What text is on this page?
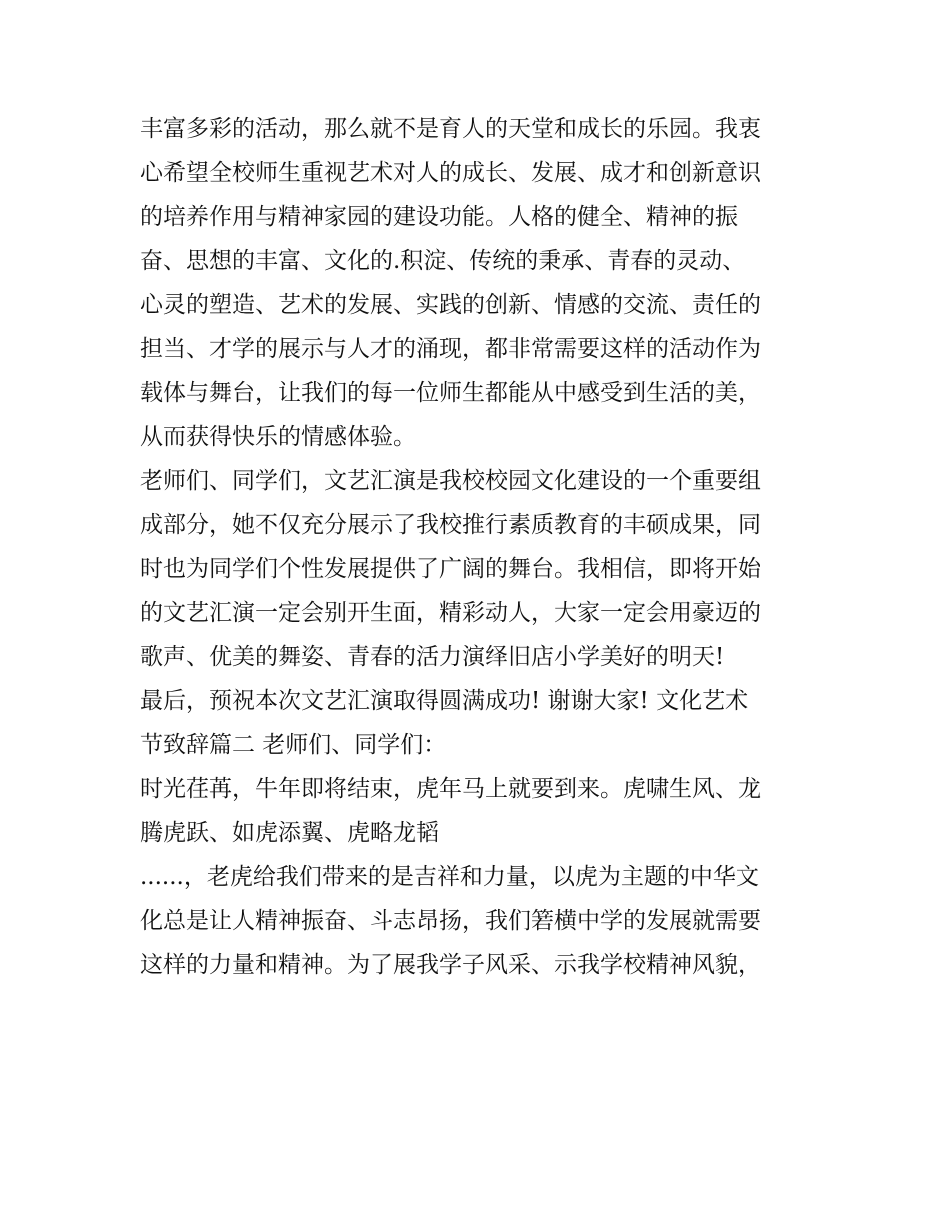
丰富多彩的活动，那么就不是育人的天堂和成长的乐园。我衷
心希望全校师生重视艺术对人的成长、发展、成才和创新意识
的培养作用与精神家园的建设功能。人格的健全、精神的振
奋、思想的丰富、文化的.积淀、传统的秉承、青春的灵动、
心灵的塑造、艺术的发展、实践的创新、情感的交流、责任的
担当、才学的展示与人才的涌现，都非常需要这样的活动作为
载体与舞台，让我们的每一位师生都能从中感受到生活的美，
从而获得快乐的情感体验。
老师们、同学们，文艺汇演是我校校园文化建设的一个重要组
成部分，她不仅充分展示了我校推行素质教育的丰硕成果，同
时也为同学们个性发展提供了广阔的舞台。我相信，即将开始
的文艺汇演一定会别开生面，精彩动人，大家一定会用豪迈的
歌声、优美的舞姿、青春的活力演绎旧店小学美好的明天!
最后，预祝本次文艺汇演取得圆满成功! 谢谢大家! 文化艺术
节致辞篇二 老师们、同学们：
时光荏苒，牛年即将结束，虎年马上就要到来。虎啸生风、龙
腾虎跃、如虎添翼、虎略龙韬
......，老虎给我们带来的是吉祥和力量，以虎为主题的中华文
化总是让人精神振奋、斗志昂扬，我们箬横中学的发展就需要
这样的力量和精神。为了展我学子风采、示我学校精神风貌，
